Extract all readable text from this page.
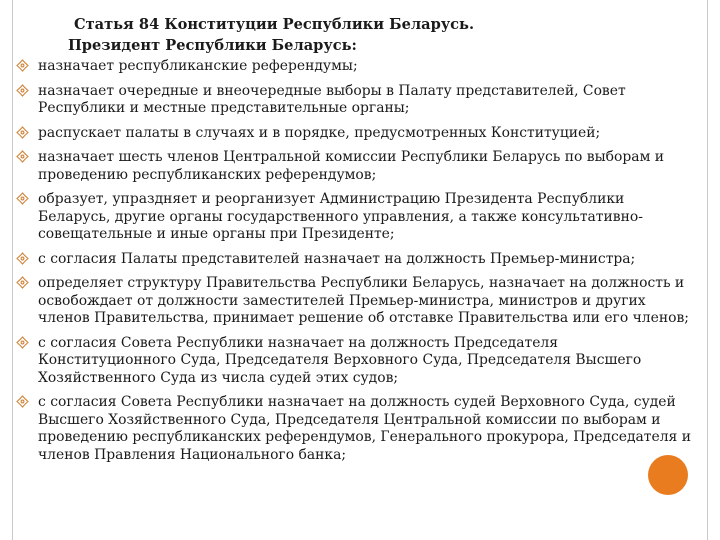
Статья 84 Конституции Республики Беларусь.
Президент Республики Беларусь:
назначает республиканские референдумы;
назначает очередные и внеочередные выборы в Палату представителей, Совет Республики и местные представительные органы;
распускает палаты в случаях и в порядке, предусмотренных Конституцией;
назначает шесть членов Центральной комиссии Республики Беларусь по выборам и проведению республиканских референдумов;
образует, упраздняет и реорганизует Администрацию Президента Республики Беларусь, другие органы государственного управления, а также консультативно-совещательные и иные органы при Президенте;
с согласия Палаты представителей назначает на должность Премьер-министра;
определяет структуру Правительства Республики Беларусь, назначает на должность и освобождает от должности заместителей Премьер-министра, министров и других членов Правительства, принимает решение об отставке Правительства или его членов;
с согласия Совета Республики назначает на должность Председателя Конституционного Суда, Председателя Верховного Суда, Председателя Высшего Хозяйственного Суда из числа судей этих судов;
с согласия Совета Республики назначает на должность судей Верховного Суда, судей Высшего Хозяйственного Суда, Председателя Центральной комиссии по выборам и проведению республиканских референдумов, Генерального прокурора, Председателя и членов Правления Национального банка;
